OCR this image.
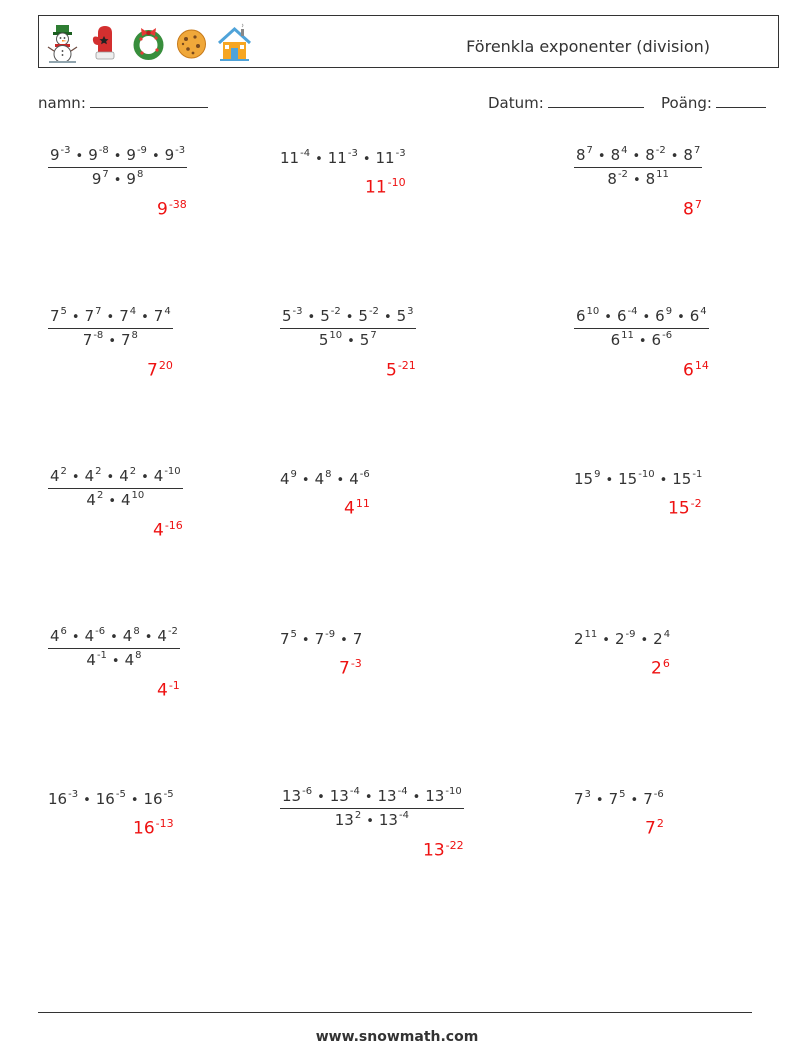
Förenkla exponenter (division)
namn:	Datum:	Poäng:
$\frac{9^{-3} • 9^{-8} • 9^{-9} • 9^{-3}}{9^7 • 9^8}$
$9^{-38}$
$11^{-4}$ • $11^{-3}$ • $11^{-3}$
$11^{-10}$	$\frac{8^7 • 8^4 • 8^{-2} • 8^7}{8^{-2} • 8^{11}}$
$8^7$
$\frac{7^5 • 7^7 • 7^4 • 7^4}{7^{-8} • 7^8}$
$7^{20}$
$\frac{5^{-3} • 5^{-2} • 5^{-2} • 5^3}{5^{10} • 5^7}$
$5^{-21}$
$\frac{6^{10} • 6^{-4} • 6^9 • 6^4}{6^{11} • 6^{-6}}$
$6^{14}$
$\frac{4^2 • 4^2 • 4^2 • 4^{-10}}{4^2 • 4^{10}}$
$4^{-16}$
$4^9$ • $4^8$ • $4^{-6}$
$4^{11}$
$15^9$ • $15^{-10}$ • $15^{-1}$
$15^{-2}$
$\frac{4^6 • 4^{-6} • 4^8 • 4^{-2}}{4^{-1} • 4^8}$
$4^{-1}$
$7^5$ • $7^{-9}$ • 7
$7^{-3}$
$2^{11}$ • $2^{-9}$ • $2^4$
$2^6$
$16^{-3}$ • $16^{-5}$ • $16^{-5}$
$16^{-13}$	$\frac{13^{-6} • 13^{-4} • 13^{-4} • 13^{-10}}{13^2 • 13^{-4}}$
$13^{-22}$
$7^3$ • $7^5$ • $7^{-6}$
$7^2$
www.snowmath.com
